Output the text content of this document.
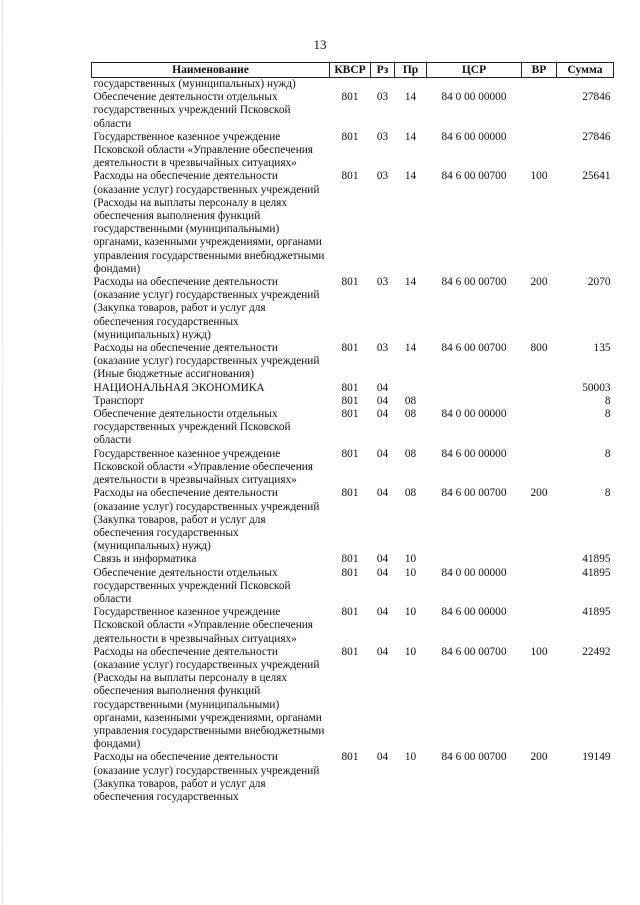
13
Наименование	КВСР	Рз	Пр	ЦСР	ВР	Сумма
государственных (муниципальных) нужд)						
Обеспечение деятельности отдельных государственных учреждений Псковской области	801	03	14	84 0 00 00000		27846
Государственное казенное учреждение Псковской области «Управление обеспечения деятельности в чрезвычайных ситуациях»	801	03	14	84 6 00 00000		27846
Расходы на обеспечение деятельности (оказание услуг) государственных учреждений (Расходы на выплаты персоналу в целях обеспечения выполнения функций государственными (муниципальными) органами, казенными учреждениями, органами управления государственными внебюджетными фондами)	801	03	14	84 6 00 00700	100	25641
Расходы на обеспечение деятельности (оказание услуг) государственных учреждений (Закупка товаров, работ и услуг для обеспечения государственных (муниципальных) нужд)	801	03	14	84 6 00 00700	200	2070
Расходы на обеспечение деятельности (оказание услуг) государственных учреждений (Иные бюджетные ассигнования)	801	03	14	84 6 00 00700	800	135
НАЦИОНАЛЬНАЯ ЭКОНОМИКА	801	04				50003
Транспорт	801	04	08			8
Обеспечение деятельности отдельных государственных учреждений Псковской области	801	04	08	84 0 00 00000		8
Государственное казенное учреждение Псковской области «Управление обеспечения деятельности в чрезвычайных ситуациях»	801	04	08	84 6 00 00000		8
Расходы на обеспечение деятельности (оказание услуг) государственных учреждений (Закупка товаров, работ и услуг для обеспечения государственных (муниципальных) нужд)	801	04	08	84 6 00 00700	200	8
Связь и информатика	801	04	10			41895
Обеспечение деятельности отдельных государственных учреждений Псковской области	801	04	10	84 0 00 00000		41895
Государственное казенное учреждение Псковской области «Управление обеспечения деятельности в чрезвычайных ситуациях»	801	04	10	84 6 00 00000		41895
Расходы на обеспечение деятельности (оказание услуг) государственных учреждений (Расходы на выплаты персоналу в целях обеспечения выполнения функций государственными (муниципальными) органами, казенными учреждениями, органами управления государственными внебюджетными фондами)	801	04	10	84 6 00 00700	100	22492
Расходы на обеспечение деятельности (оказание услуг) государственных учреждений (Закупка товаров, работ и услуг для обеспечения государственных	801	04	10	84 6 00 00700	200	19149
